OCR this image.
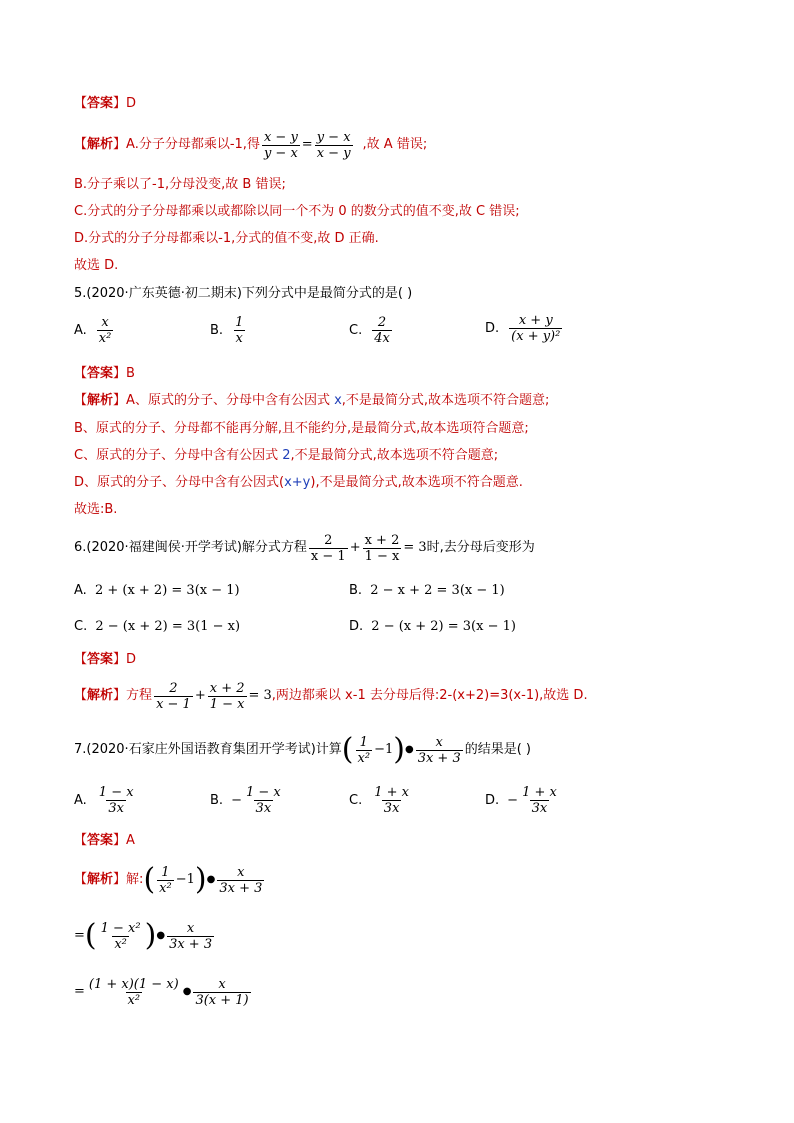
【答案】D
【 解析 】 A.分子分母都乘以-1,得 $\frac{x - y}{y - x} = \frac{y - x}{x - y}$ ,故 A 错误;
B.分子乘以了-1,分母没变,故 B 错误;
C.分式的分子分母都乘以或都除以同一个不为 0 的数分式的值不变,故 C 错误;
D.分式的分子分母都乘以-1,分式的值不变,故 D 正确.
故选 D.
5.(2020·广东英德·初二期末)下列分式中是最简分式的是( )
A. $\frac{x}{\text{x²}}$	B. $\frac{1}{x}$	C. $\frac{2}{4x}$	D. $\frac{x + y}{\text{(x + y)²}}$
【答案】B
【解析】A、原式的分子、分母中含有公因式 x,不是最简分式,故本选项不符合题意;
B、原式的分子、分母都不能再分解,且不能约分,是最简分式,故本选项符合题意;
C、原式的分子、分母中含有公因式 2,不是最简分式,故本选项不符合题意;
D、原式的分子、分母中含有公因式(x+y),不是最简分式,故本选项不符合题意.
故选:B.
6. (2020·福建闽侯·开学考试) 解分式方程 $\frac{2}{x - 1} + \frac{x + 2}{1 - x} = 3$ 时,去分母后变形为
A. 2 + (x + 2) = 3(x − 1)	B. 2 − x + 2 = 3(x − 1)
C. 2 − (x + 2) = 3(1 − x)	D. 2 − (x + 2) = 3(x − 1)
【答案】D
【 解析 】 方程 $\frac{2}{x - 1} + \frac{x + 2}{1 - x} = 3$ ,两边都乘以 x-1 去分母后得: 2-(x+2)=3(x-1) ,故选 D.
7. (2020·石家庄外国语教育集团开学考试) 计算 ( $\frac{1}{\text{x²}} -1$ ) ● $\frac{x}{3x + 3}$ 的结果是( )
A. $\frac{1 - x}{3x}$	B. − $\frac{1 - x}{3x}$	C. $\frac{1 + x}{3x}$	D. − $\frac{1 + x}{3x}$
【答案】A
【 解析 】 解: ( $\frac{1}{\text{x²}} -1$ ) ● $\frac{x}{3x + 3}$
= ( $\frac{\text{1 − x²}}{\text{x²}}$ ) ● $\frac{x}{3x + 3}$
= $\frac{(1 + x)(1 - x)}{\text{x²}}$ ● $\frac{x}{3(x + 1)}$
